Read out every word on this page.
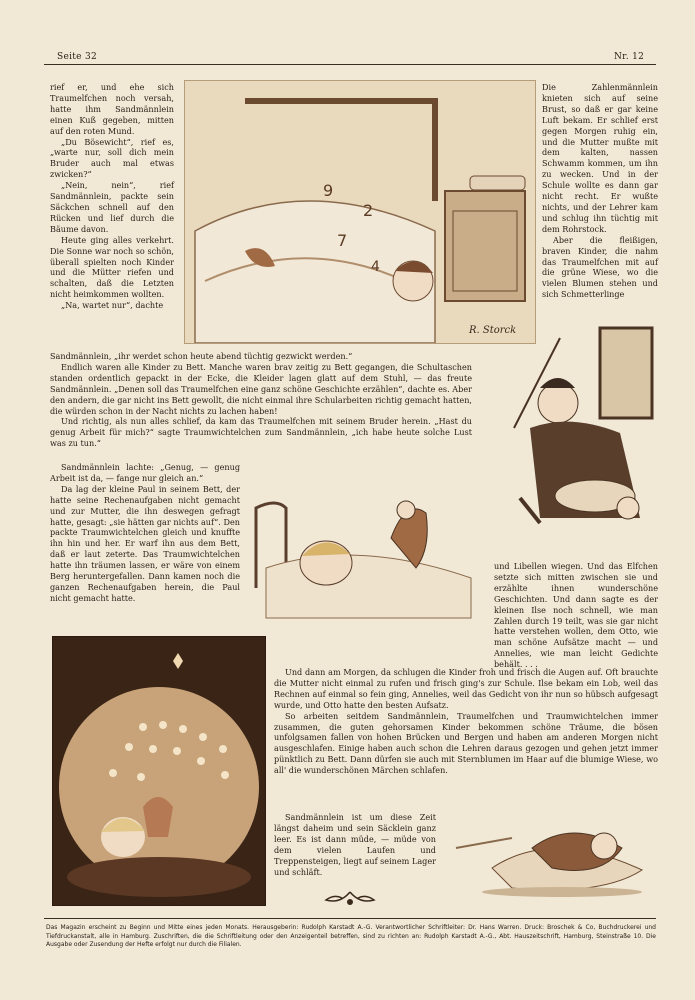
Seite 32	Nr. 12
9
2
7
4
R. Storck

rief er, und ehe sich Traumelfchen noch versah, hatte ihm Sandmännlein einen Kuß gegeben, mitten auf den roten Mund.

„Du Bösewicht“, rief es, „warte nur, soll dich mein Bruder auch mal etwas zwicken?“

„Nein, nein“, rief Sandmännlein, packte sein Säckchen schnell auf den Rücken und lief durch die Bäume davon.

Heute ging alles verkehrt. Die Sonne war noch so schön, überall spielten noch Kinder und die Mütter riefen und schalten, daß die Letzten nicht heimkommen wollten.

„Na, wartet nur“, dachte

Die Zahlenmännlein knieten sich auf seine Brust, so daß er gar keine Luft bekam. Er schlief erst gegen Morgen ruhig ein, und die Mutter mußte mit dem kalten, nassen Schwamm kommen, um ihn zu wecken. Und in der Schule wollte es dann gar nicht recht. Er wußte nichts, und der Lehrer kam und schlug ihn tüchtig mit dem Rohrstock.

Aber die fleißigen, braven Kinder, die nahm das Traumelfchen mit auf die grüne Wiese, wo die vielen Blumen stehen und sich Schmetterlinge

Sandmännlein, „ihr werdet schon heute abend tüchtig gezwickt werden.“

Endlich waren alle Kinder zu Bett. Manche waren brav zeitig zu Bett gegangen, die Schultaschen standen ordentlich gepackt in der Ecke, die Kleider lagen glatt auf dem Stuhl, — das freute Sandmännlein. „Denen soll das Traumelfchen eine ganz schöne Geschichte erzählen“, dachte es. Aber den andern, die gar nicht ins Bett gewollt, die nicht einmal ihre Schularbeiten richtig gemacht hatten, die würden schon in der Nacht nichts zu lachen haben!

Und richtig, als nun alles schlief, da kam das Traumelfchen mit seinem Bruder herein. „Hast du genug Arbeit für mich?“ sagte Traumwichtelchen zum Sandmännlein, „ich habe heute solche Lust was zu tun.“

Sandmännlein lachte: „Genug, — genug Arbeit ist da, — fange nur gleich an.“

Da lag der kleine Paul in seinem Bett, der hatte seine Rechenaufgaben nicht gemacht und zur Mutter, die ihn deswegen gefragt hatte, gesagt: „sie hätten gar nichts auf“. Den packte Traumwichtelchen gleich und knuffte ihn hin und her. Er warf ihn aus dem Bett, daß er laut zeterte. Das Traumwichtelchen hatte ihn träumen lassen, er wäre von einem Berg heruntergefallen. Dann kamen noch die ganzen Rechenaufgaben herein, die Paul nicht gemacht hatte.

und Libellen wiegen. Und das Elfchen setzte sich mitten zwischen sie und erzählte ihnen wunderschöne Geschichten. Und dann sagte es der kleinen Ilse noch schnell, wie man Zahlen durch 19 teilt, was sie gar nicht hatte verstehen wollen, dem Otto, wie man schöne Aufsätze macht — und Annelies, wie man leicht Gedichte behält. . . .

Und dann am Morgen, da schlugen die Kinder froh und frisch die Augen auf. Oft brauchte die Mutter nicht einmal zu rufen und frisch ging's zur Schule. Ilse bekam ein Lob, weil das Rechnen auf einmal so fein ging, Annelies, weil das Gedicht von ihr nun so hübsch aufgesagt wurde, und Otto hatte den besten Aufsatz.

So arbeiten seitdem Sandmännlein, Traumelfchen und Traumwichtelchen immer zusammen, die guten gehorsamen Kinder bekommen schöne Träume, die bösen unfolgsamen fallen von hohen Brücken und Bergen und haben am anderen Morgen nicht ausgeschlafen. Einige haben auch schon die Lehren daraus gezogen und gehen jetzt immer pünktlich zu Bett. Dann dürfen sie auch mit Sternblumen im Haar auf die blumige Wiese, wo all' die wunderschönen Märchen schlafen.

Sandmännlein ist um diese Zeit längst daheim und sein Säcklein ganz leer. Es ist dann müde, — müde von dem vielen Laufen und Treppensteigen, liegt auf seinem Lager und schläft.

Das Magazin erscheint zu Beginn und Mitte eines jeden Monats. Herausgeberin: Rudolph Karstadt A.-G. Verantwortlicher Schriftleiter: Dr. Hans Warren. Druck: Broschek & Co, Buchdruckerei und Tiefdruckanstalt, alle in Hamburg. Zuschriften, die die Schriftleitung oder den Anzeigenteil betreffen, sind zu richten an: Rudolph Karstadt A.-G., Abt. Hauszeitschrift, Hamburg, Steinstraße 10. Die Ausgabe oder Zusendung der Hefte erfolgt nur durch die Filialen.
